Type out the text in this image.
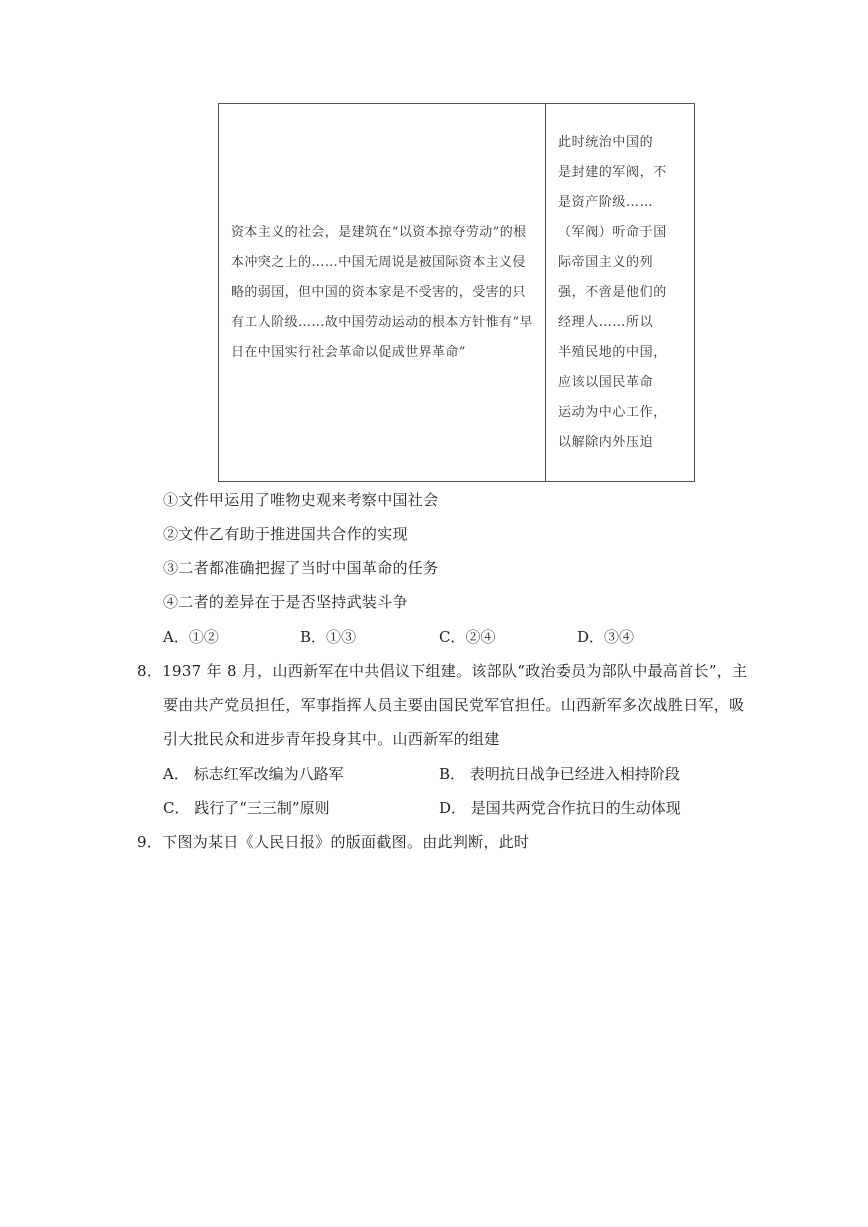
资本主义的社会，是建筑在“以资本掠夺劳动”的根本冲突之上的……中国无周说是被国际资本主义侵略的弱国，但中国的资本家是不受害的，受害的只有工人阶级……故中国劳动运动的根本方针惟有“早日在中国实行社会革命以促成世界革命”

此时统治中国的

是封建的军阀，不

是资产阶级……

（军阀）听命于国

际帝国主义的列

强，不啻是他们的

经理人……所以

半殖民地的中国，

应该以国民革命

运动为中心工作，

以解除内外压迫

①文件甲运用了唯物史观来考察中国社会
②文件乙有助于推进国共合作的实现
③二者都准确把握了当时中国革命的任务
④二者的差异在于是否坚持武装斗争
A．①②	B．①③	C．②④	D．③④
8．1937 年 8 月，山西新军在中共倡议下组建。该部队“政治委员为部队中最高首长”，主
要由共产党员担任，军事指挥人员主要由国民党军官担任。山西新军多次战胜日军，吸
引大批民众和进步青年投身其中。山西新军的组建
A． 标志红军改编为八路军	B． 表明抗日战争已经进入相持阶段
C． 践行了“三三制”原则	D． 是国共两党合作抗日的生动体现
9．下图为某日《人民日报》的版面截图。由此判断，此时
